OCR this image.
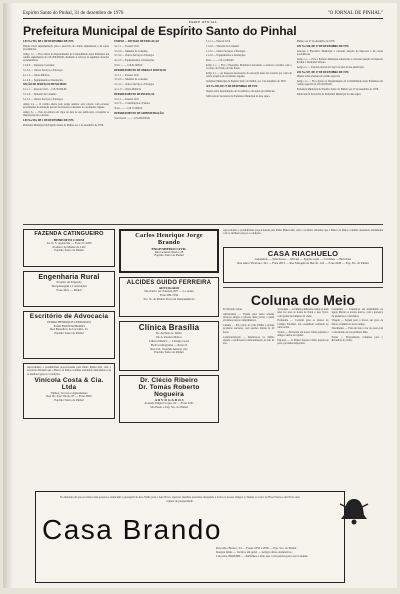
Espírito Santo do Pinhal, 31 de dezembro de 1976	"O JORNAL DE PINHAL"
PARTE OFICIAL
Prefeitura Municipal de Espírito Santo do Pinhal

LEI N.o 933, DE 1 DE DEZEMBRO DE 1976

Dispõe sobre suplementação para o exercício de crédito suplementar e dá outras providências.

Artigo 1.o — Fica aberto no Departamento de Contabilidade desta Prefeitura um crédito suplementar de Cr$ 200.000,00, destinado a reforçar as seguintes dotações orçamentárias:

1.4.0.0 — Despesas Correntes

3.1.3.2 — Outros Serviços e Encargos

4.1.1.0 — Obras Públicas

4.1.2.0 — Equipamentos e Instalações

SEÇÃO DE SERVIÇOS MUNICIPAIS

3.1.1.1 — Pessoal Civil — Cr$ 30.000,00

3.1.2.0 — Material de Consumo

3.1.3.2 — Outros Serviços e Encargos

Artigo 2.o — O crédito aberto pelo artigo anterior será coberto com recursos provenientes de anulação parcial de dotações constantes do orçamento vigente.

Artigo 3.o — Esta lei entrará em vigor na data de sua publicação, revogadas as disposições em contrário.

LEI N.o 934, DE 1 DE DEZEMBRO DE 1976

Prefeitura Municipal de Espírito Santo do Pinhal, aos 1 de dezembro de 1976.

ENSINO — DIVISÃO DE EDUCAÇÃO

3.1.1.1 — Pessoal Civil

3.1.2.0 — Material de Consumo

3.1.3.2 — Outros Serviços e Encargos

4.1.2.0 — Equipamentos e Instalações

Total .......... Cr$ 61.000,00

DEPARTAMENTO DE OBRAS E SERVIÇOS

3.1.1.1 — Pessoal Civil

3.1.2.0 — Material de Consumo

3.1.3.2 — Outros Serviços e Encargos

4.1.1.0 — Obras Públicas

DEPARTAMENTO DE FINANÇAS

3.1.1.1 — Pessoal Civil

3.2.7.0 — Contribuições a Fundos

Total .......... Cr$ 13.000,00

DEPARTAMENTO DE ADMINISTRAÇÃO

Total Geral .......... Cr$ 200.000,00

3.1.1.1 — Pessoal Civil

3.1.2.0 — Material de Consumo

3.1.3.2 — Outros Serviços e Encargos

4.1.2.0 — Equipamentos e Instalações

Total .......... Cr$ 12.000,00

Artigo 1.o — Fica o Executivo Municipal autorizado a celebrar convênio com o Governo do Estado de São Paulo.

Artigo 2.o — As despesas decorrentes da execução desta lei correrão por conta de verbas próprias do orçamento vigente.

Prefeitura Municipal de Espírito Santo do Pinhal, aos 1 de dezembro de 1976.

LEI N.o 935, DE 27 DE DEZEMBRO DE 1976

Dispõe sobre denominação de via pública e dá outras providências.

Publicada na Secretaria da Prefeitura Municipal na data supra.

Pinhal, aos 27 de dezembro de 1976.

LEI N.o 936, DE 27 DE DEZEMBRO DE 1976

Autoriza o Executivo Municipal a conceder isenção de impostos e dá outras providências.

Artigo 1.o — Fica o Prefeito Municipal autorizado a conceder isenção do Imposto Predial e Territorial Urbano.

Artigo 2.o — Esta lei entrará em vigor na data de sua publicação.

LEI N.o 937, DE 27 DE DEZEMBRO DE 1976

Dispõe sobre abertura de crédito especial.

Artigo 1.o — Fica aberto no Departamento de Contabilidade desta Prefeitura um crédito especial de Cr$ 50.000,00.

Prefeitura Municipal de Espírito Santo do Pinhal, aos 27 de dezembro de 1976.

Publicada na Secretaria da Prefeitura Municipal na data supra.

FAZENDA CATINGUEIRO
BENEDITO CORSI
Av. N. S. Aparecida — Fone 27-3290
Produtor de Mudas de Café
Espírito Santo do Pinhal
Engenharia Rural
Projetos de Irrigação
Terraplenagem e Construções
Fone 3021 — Pinhal
Escritório de Advocacia
PEDRO HENRIQUE CERIGNONI
JOÃO BATISTA PRADO
Rua Benedicto de Carvalho, 25
Espírito Santo do Pinhal
Aproveitando a possibilidade proporcionada pela Rádio Pinhal AM, vem o escritório informar que o Banco de Dados continua atendendo diariamente com os melhores preços e condições.
Vinícola Costa & Cia. Ltda
Vinhos, Licores e Aguardentes
Rua Dr. José Valois, 87 — Fone 2850
Espírito Santo do Pinhal
Carlos Henrique Jorge Brando
ENGENHEIRO CIVIL
Rua General Osório, 28
Espírito Santo do Pinhal
ALCIDES GUIDO FERREIRA
ADVOGADO
São Paulo: Av. Paulista, 807 — 5.o andar
Fone 289-7256
Sto. Sr. do Pinhal: Praça da Independência
Clínica Brasília
Dr. Antônio A. Júnior
Dr. A. Pereira Mattos
Clínica Médica — Cirurgia Geral
Eletrocardiograma — Raios X
Rua Cel. Joaquim Amaral, 222
Espírito Santo do Pinhal
Dr. Clécio Ribeiro
Dr. Tomás Roberto Nogueira
A D V O G A D O S
Avenida Edgard Lopes, 62 — Fone 2231
São Paulo e Esp. Sto. do Pinhal
Aproveitando a possibilidade proporcionada pela Rádio Pinhal AM, vem o escritório informar que o Banco de Dados continua atendendo diariamente com os melhores preços e condições.
CASA RIACHUELO
Geladeiras — Televisores — Móveis — Fogões a gás — Colchões — Bicicletas
Rua Amor Vitoriano, 321 — Fone 2813 — Rua Marquês de Herval, 143 — Fone 2049 — Esp. Sto. do Pinhal
Coluna do Meio

Por Ricardo Alves

Aniversários — Fazem anos nesta semana diversos amigos e leitores deste jornal, a quem enviamos nossos cumprimentos.

Cinema — Em cartaz no Cine Pinhal a grande produção nacional, com sessões diárias às 20 horas.

Confraternização — Realizou-se no último sábado a tradicional confraternização de fim de ano.

Sociedade — A família pinhalense reúne-se mais uma vez para as festas de Natal e Ano Novo, com grande movimento no clube.

Formatura — Colaram grau os alunos do Colégio Estadual, em solenidade realizada no salão nobre.

Visitas — Estiveram em nossa cidade parentes e amigos vindos da capital.

Esportes — O Pinhal Esporte Clube prepara-se para a próxima temporada.

Casamento — Uniram-se em matrimônio na Igreja Matriz os jovens noivos, com a presença de numerosos convidados.

Viagem — Seguiu para o litoral, em gozo de férias, a família do nosso amigo.

Nascimento — Está em festa o lar do casal com o nascimento de sua primeira filha.

Festas — Programação completa para o Réveillon do Clube.

No instante em que se reúne todas pessoas e anunciam a passagem do Ano Velho para o Ano Novo, aqui nos fazemos presentes desejando a todos os nossos amigos e clientes os votos de Boas Festas e um Novo Ano repleto de prosperidade.
Casa Brando
Praça Rio Branco, 54 — Fones 2350 e 2650 — Esp. Sto. do Pinhal
Roupas feitas — Tecidos em geral — Artigos sfino-domésticos
Calçados, PRODIEL — Perfumes e tudo que você precisa para seu consumo
